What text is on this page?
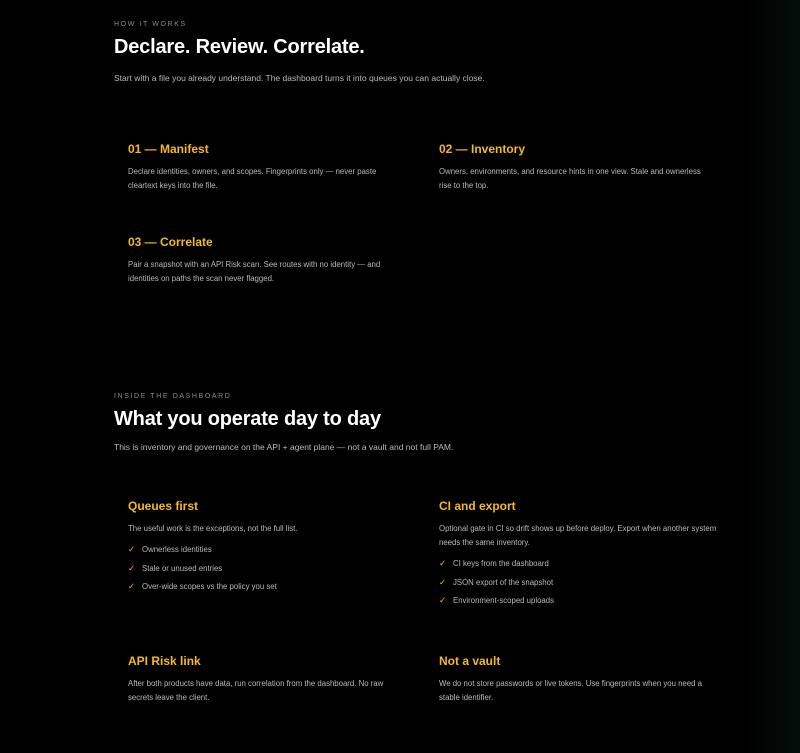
HOW IT WORKS

Declare. Review. Correlate.

Start with a file you already understand. The dashboard turns it into queues you can actually close.

01 — Manifest

Declare identities, owners, and scopes. Fingerprints only — never paste cleartext keys into the file.

02 — Inventory

Owners, environments, and resource hints in one view. Stale and ownerless rise to the top.

03 — Correlate

Pair a snapshot with an API Risk scan. See routes with no identity — and identities on paths the scan never flagged.

INSIDE THE DASHBOARD

What you operate day to day

This is inventory and governance on the API + agent plane — not a vault and not full PAM.

Queues first

The useful work is the exceptions, not the full list.

✓ Ownerless identities
✓ Stale or unused entries
✓ Over-wide scopes vs the policy you set
CI and export

Optional gate in CI so drift shows up before deploy. Export when another system needs the same inventory.

✓ CI keys from the dashboard
✓ JSON export of the snapshot
✓ Environment-scoped uploads
API Risk link

After both products have data, run correlation from the dashboard. No raw secrets leave the client.

Not a vault

We do not store passwords or live tokens. Use fingerprints when you need a stable identifier.
